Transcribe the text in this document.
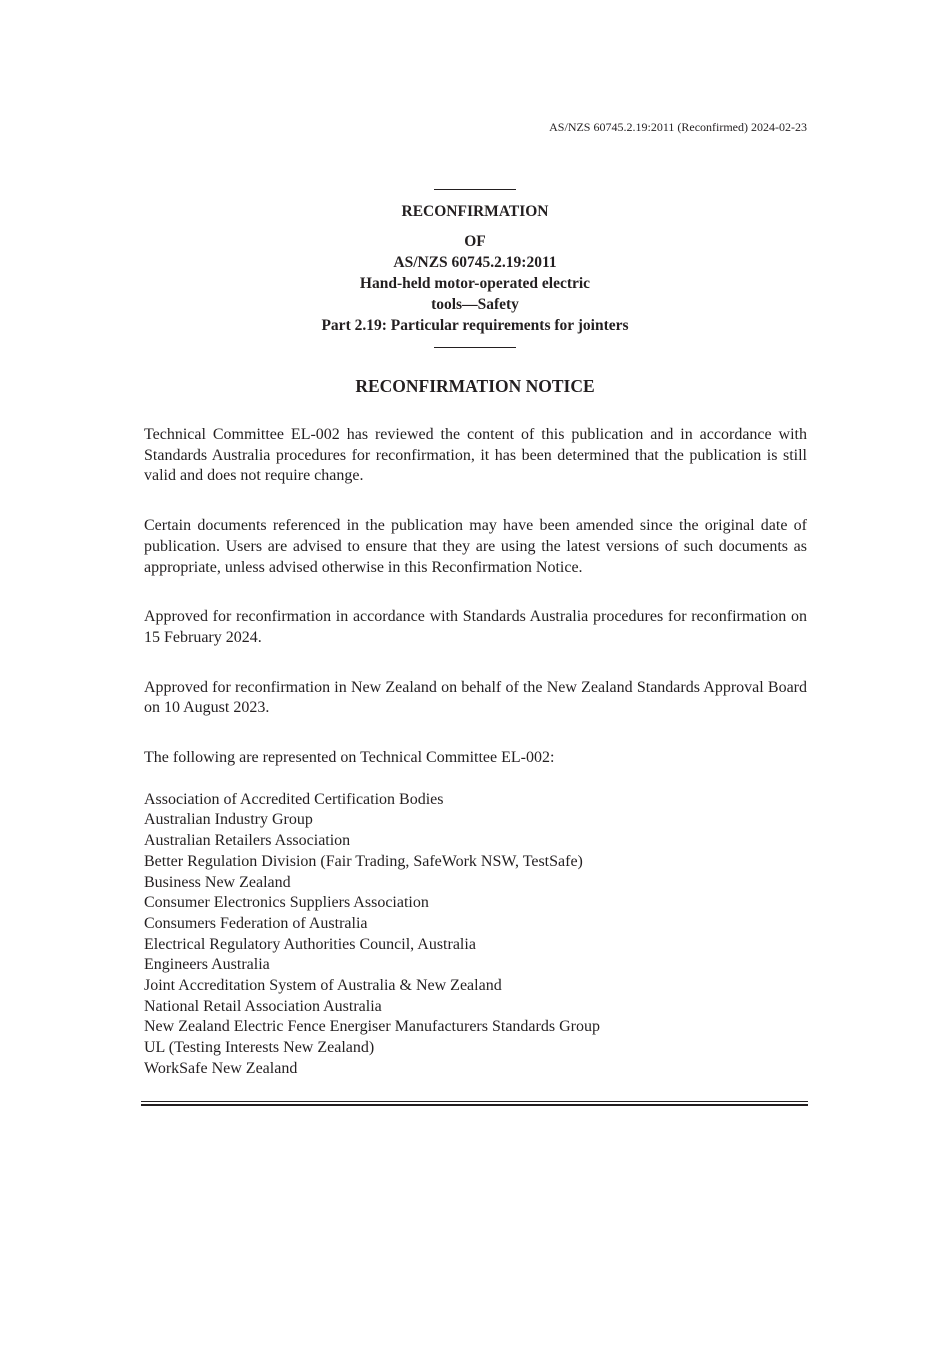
AS/NZS 60745.2.19:2011 (Reconfirmed) 2024-02-23
RECONFIRMATION
OF
AS/NZS 60745.2.19:2011
Hand-held motor-operated electric
tools—Safety
Part 2.19: Particular requirements for jointers
RECONFIRMATION NOTICE

Technical Committee EL-002 has reviewed the content of this publication and in accordance with Standards Australia procedures for reconfirmation, it has been determined that the publication is still valid and does not require change.

Certain documents referenced in the publication may have been amended since the original date of publication. Users are advised to ensure that they are using the latest versions of such documents as appropriate, unless advised otherwise in this Reconfirmation Notice.

Approved for reconfirmation in accordance with Standards Australia procedures for reconfirmation on 15 February 2024.

Approved for reconfirmation in New Zealand on behalf of the New Zealand Standards Approval Board on 10 August 2023.

The following are represented on Technical Committee EL-002:
Association of Accredited Certification Bodies
Australian Industry Group
Australian Retailers Association
Better Regulation Division (Fair Trading, SafeWork NSW, TestSafe)
Business New Zealand
Consumer Electronics Suppliers Association
Consumers Federation of Australia
Electrical Regulatory Authorities Council, Australia
Engineers Australia
Joint Accreditation System of Australia & New Zealand
National Retail Association Australia
New Zealand Electric Fence Energiser Manufacturers Standards Group
UL (Testing Interests New Zealand)
WorkSafe New Zealand
